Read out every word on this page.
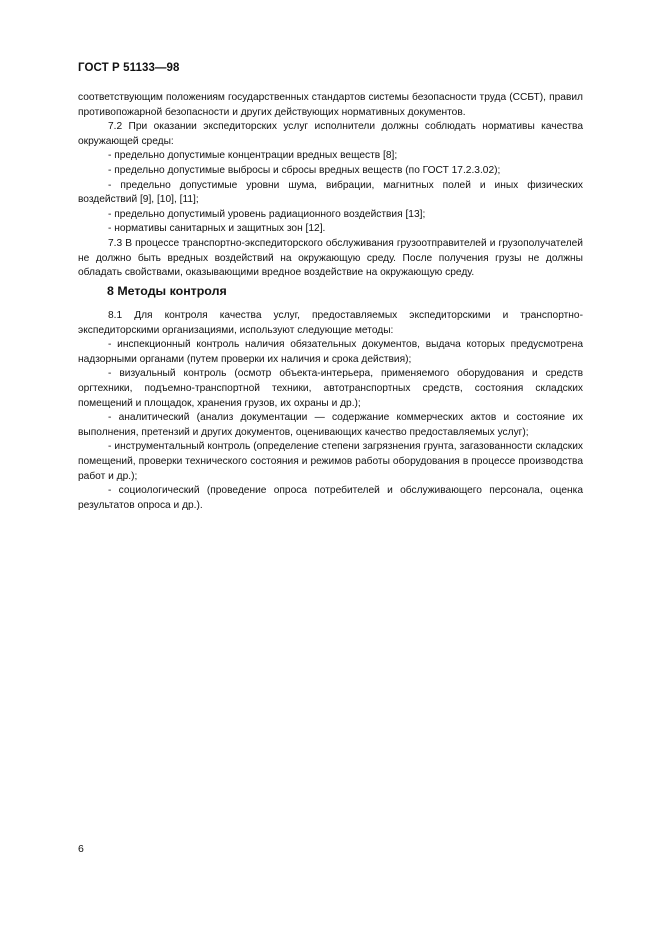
ГОСТ Р 51133—98

соответствующим положениям государственных стандартов системы безопасности труда (ССБТ), правил противопожарной безопасности и других действующих нормативных документов.

7.2 При оказании экспедиторских услуг исполнители должны соблюдать нормативы качества окружающей среды:

- предельно допустимые концентрации вредных веществ [8];

- предельно допустимые выбросы и сбросы вредных веществ (по ГОСТ 17.2.3.02);

- предельно допустимые уровни шума, вибрации, магнитных полей и иных физических воздействий [9], [10], [11];

- предельно допустимый уровень радиационного воздействия [13];

- нормативы санитарных и защитных зон [12].

7.3 В процессе транспортно-экспедиторского обслуживания грузоотправителей и грузополучателей не должно быть вредных воздействий на окружающую среду. После получения грузы не должны обладать свойствами, оказывающими вредное воздействие на окружающую среду.

8 Методы контроля

8.1 Для контроля качества услуг, предоставляемых экспедиторскими и транспортно-экспедиторскими организациями, используют следующие методы:

- инспекционный контроль наличия обязательных документов, выдача которых предусмотрена надзорными органами (путем проверки их наличия и срока действия);

- визуальный контроль (осмотр объекта-интерьера, применяемого оборудования и средств оргтехники, подъемно-транспортной техники, автотранспортных средств, состояния складских помещений и площадок, хранения грузов, их охраны и др.);

- аналитический (анализ документации — содержание коммерческих актов и состояние их выполнения, претензий и других документов, оценивающих качество предоставляемых услуг);

- инструментальный контроль (определение степени загрязнения грунта, загазованности складских помещений, проверки технического состояния и режимов работы оборудования в процессе производства работ и др.);

- социологический (проведение опроса потребителей и обслуживающего персонала, оценка результатов опроса и др.).

6
